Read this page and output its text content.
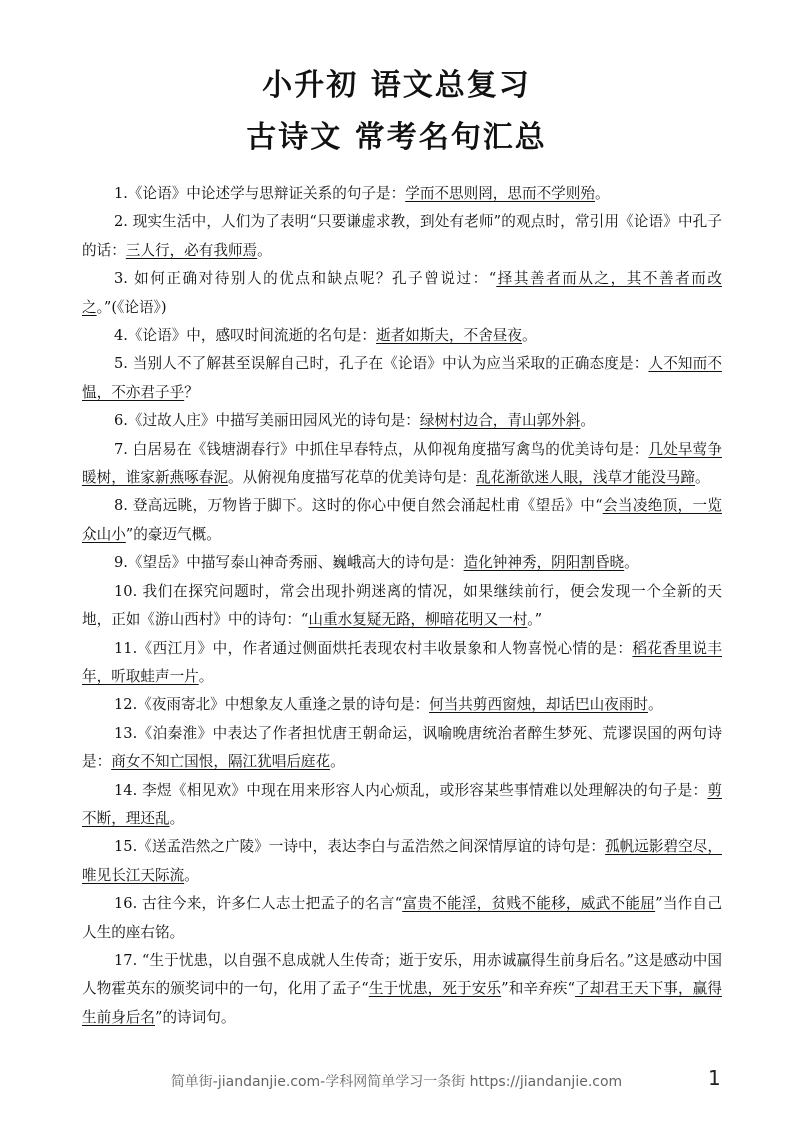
小升初 语文总复习
古诗文 常考名句汇总

1.《论语》中论述学与思辩证关系的句子是：学而不思则罔，思而不学则殆。

2. 现实生活中，人们为了表明“只要谦虚求教，到处有老师”的观点时，常引用《论语》中孔子的话：三人行，必有我师焉。

3. 如何正确对待别人的优点和缺点呢？孔子曾说过：“择其善者而从之，其不善者而改之。”(《论语》)

4.《论语》中，感叹时间流逝的名句是：逝者如斯夫，不舍昼夜。

5. 当别人不了解甚至误解自己时，孔子在《论语》中认为应当采取的正确态度是：人不知而不愠，不亦君子乎？

6.《过故人庄》中描写美丽田园风光的诗句是：绿树村边合，青山郭外斜。

7. 白居易在《钱塘湖春行》中抓住早春特点，从仰视角度描写禽鸟的优美诗句是：几处早莺争暖树，谁家新燕啄春泥。从俯视角度描写花草的优美诗句是：乱花渐欲迷人眼，浅草才能没马蹄。

8. 登高远眺，万物皆于脚下。这时的你心中便自然会涌起杜甫《望岳》中“会当凌绝顶，一览众山小”的豪迈气概。

9.《望岳》中描写泰山神奇秀丽、巍峨高大的诗句是：造化钟神秀，阴阳割昏晓。

10. 我们在探究问题时，常会出现扑朔迷离的情况，如果继续前行，便会发现一个全新的天地，正如《游山西村》中的诗句：“山重水复疑无路，柳暗花明又一村。”

11.《西江月》中，作者通过侧面烘托表现农村丰收景象和人物喜悦心情的是：稻花香里说丰年，听取蛙声一片。

12.《夜雨寄北》中想象友人重逢之景的诗句是：何当共剪西窗烛，却话巴山夜雨时。

13.《泊秦淮》中表达了作者担忧唐王朝命运，讽喻晚唐统治者醉生梦死、荒谬误国的两句诗是：商女不知亡国恨，隔江犹唱后庭花。

14. 李煜《相见欢》中现在用来形容人内心烦乱，或形容某些事情难以处理解决的句子是：剪不断，理还乱。

15.《送孟浩然之广陵》一诗中，表达李白与孟浩然之间深情厚谊的诗句是：孤帆远影碧空尽，唯见长江天际流。

16. 古往今来，许多仁人志士把孟子的名言“富贵不能淫，贫贱不能移，威武不能屈”当作自己人生的座右铭。

17. “生于忧患，以自强不息成就人生传奇；逝于安乐，用赤诚赢得生前身后名。”这是感动中国人物霍英东的颁奖词中的一句，化用了孟子“生于忧患，死于安乐”和辛弃疾“了却君王天下事，赢得生前身后名”的诗词句。

简单街-jiandanjie.com-学科网简单学习一条街 https://jiandanjie.com	1
